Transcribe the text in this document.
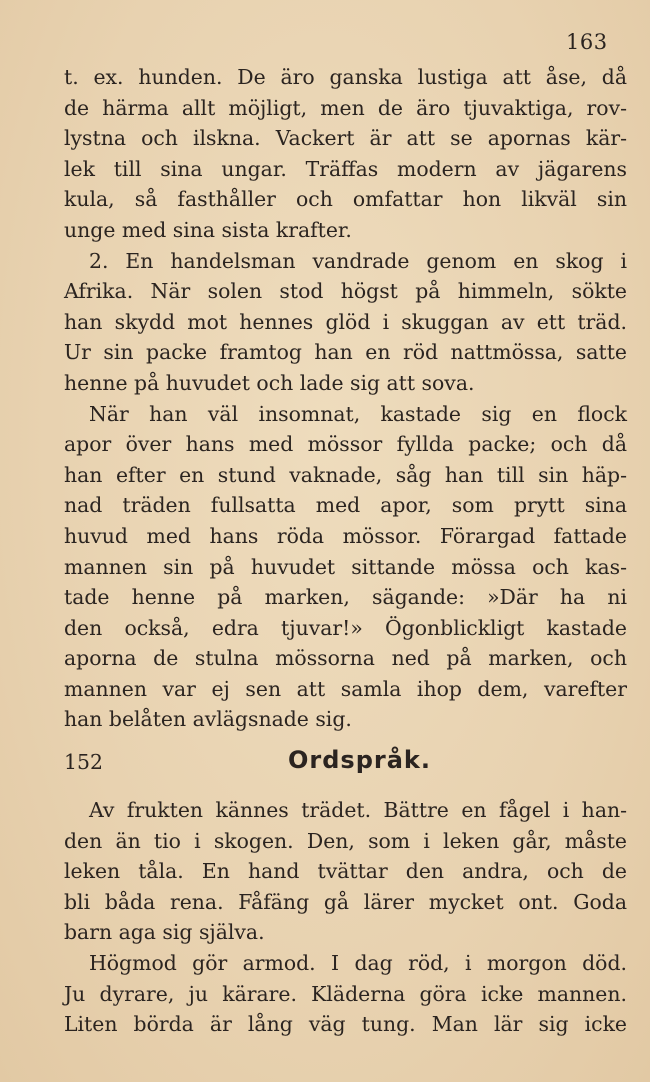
163
t. ex. hunden. De äro ganska lustiga att åse, då
de härma allt möjligt, men de äro tjuvaktiga, rov-
lystna och ilskna. Vackert är att se apornas kär-
lek till sina ungar. Träffas modern av jägarens
kula, så fasthåller och omfattar hon likväl sin
unge med sina sista krafter.
2. En handelsman vandrade genom en skog i
Afrika. När solen stod högst på himmeln, sökte
han skydd mot hennes glöd i skuggan av ett träd.
Ur sin packe framtog han en röd nattmössa, satte
henne på huvudet och lade sig att sova.
När han väl insomnat, kastade sig en flock
apor över hans med mössor fyllda packe; och då
han efter en stund vaknade, såg han till sin häp-
nad träden fullsatta med apor, som prytt sina
huvud med hans röda mössor. Förargad fattade
mannen sin på huvudet sittande mössa och kas-
tade henne på marken, sägande: »Där ha ni
den också, edra tjuvar!» Ögonblickligt kastade
aporna de stulna mössorna ned på marken, och
mannen var ej sen att samla ihop dem, varefter
han belåten avlägsnade sig.
152	Ordspråk.
Av frukten kännes trädet. Bättre en fågel i han-
den än tio i skogen. Den, som i leken går, måste
leken tåla. En hand tvättar den andra, och de
bli båda rena. Fåfäng gå lärer mycket ont. Goda
barn aga sig själva.
Högmod gör armod. I dag röd, i morgon död.
Ju dyrare, ju kärare. Kläderna göra icke mannen.
Liten börda är lång väg tung. Man lär sig icke
